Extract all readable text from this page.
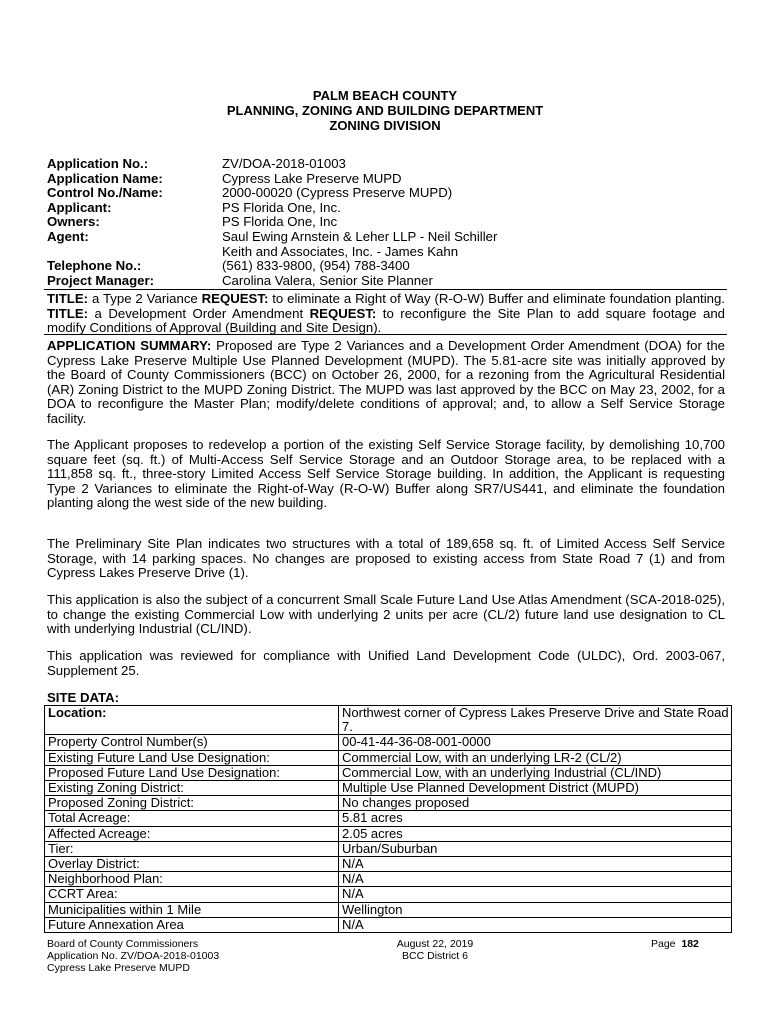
PALM BEACH COUNTY
PLANNING, ZONING AND BUILDING DEPARTMENT
ZONING DIVISION
Application No.:	ZV/DOA-2018-01003
Application Name:	Cypress Lake Preserve MUPD
Control No./Name:	2000-00020 (Cypress Preserve MUPD)
Applicant:	PS Florida One, Inc.
Owners:	PS Florida One, Inc
Agent:	Saul Ewing Arnstein & Leher LLP - Neil Schiller
Keith and Associates, Inc. - James Kahn
Telephone No.:	(561) 833-9800, (954) 788-3400
Project Manager:	Carolina Valera, Senior Site Planner
TITLE: a Type 2 Variance REQUEST: to eliminate a Right of Way (R-O-W) Buffer and eliminate foundation planting. TITLE: a Development Order Amendment REQUEST: to reconfigure the Site Plan to add square footage and modify Conditions of Approval (Building and Site Design).
APPLICATION SUMMARY: Proposed are Type 2 Variances and a Development Order Amendment (DOA) for the Cypress Lake Preserve Multiple Use Planned Development (MUPD). The 5.81-acre site was initially approved by the Board of County Commissioners (BCC) on October 26, 2000, for a rezoning from the Agricultural Residential (AR) Zoning District to the MUPD Zoning District. The MUPD was last approved by the BCC on May 23, 2002, for a DOA to reconfigure the Master Plan; modify/delete conditions of approval; and, to allow a Self Service Storage facility.
The Applicant proposes to redevelop a portion of the existing Self Service Storage facility, by demolishing 10,700 square feet (sq. ft.) of Multi-Access Self Service Storage and an Outdoor Storage area, to be replaced with a 111,858 sq. ft., three-story Limited Access Self Service Storage building. In addition, the Applicant is requesting Type 2 Variances to eliminate the Right-of-Way (R-O-W) Buffer along SR7/US441, and eliminate the foundation planting along the west side of the new building.
The Preliminary Site Plan indicates two structures with a total of 189,658 sq. ft. of Limited Access Self Service Storage, with 14 parking spaces. No changes are proposed to existing access from State Road 7 (1) and from Cypress Lakes Preserve Drive (1).
This application is also the subject of a concurrent Small Scale Future Land Use Atlas Amendment (SCA-2018-025), to change the existing Commercial Low with underlying 2 units per acre (CL/2) future land use designation to CL with underlying Industrial (CL/IND).
This application was reviewed for compliance with Unified Land Development Code (ULDC), Ord. 2003-067, Supplement 25.
SITE DATA:
Location:	Northwest corner of Cypress Lakes Preserve Drive and State Road 7.
Property Control Number(s)	00-41-44-36-08-001-0000
Existing Future Land Use Designation:	Commercial Low, with an underlying LR-2 (CL/2)
Proposed Future Land Use Designation:	Commercial Low, with an underlying Industrial (CL/IND)
Existing Zoning District:	Multiple Use Planned Development District (MUPD)
Proposed Zoning District:	No changes proposed
Total Acreage:	5.81 acres
Affected Acreage:	2.05 acres
Tier:	Urban/Suburban
Overlay District:	N/A
Neighborhood Plan:	N/A
CCRT Area:	N/A
Municipalities within 1 Mile	Wellington
Future Annexation Area	N/A
Board of County Commissioners
Application No. ZV/DOA-2018-01003
Cypress Lake Preserve MUPD
August 22, 2019
BCC District 6
Page 182
